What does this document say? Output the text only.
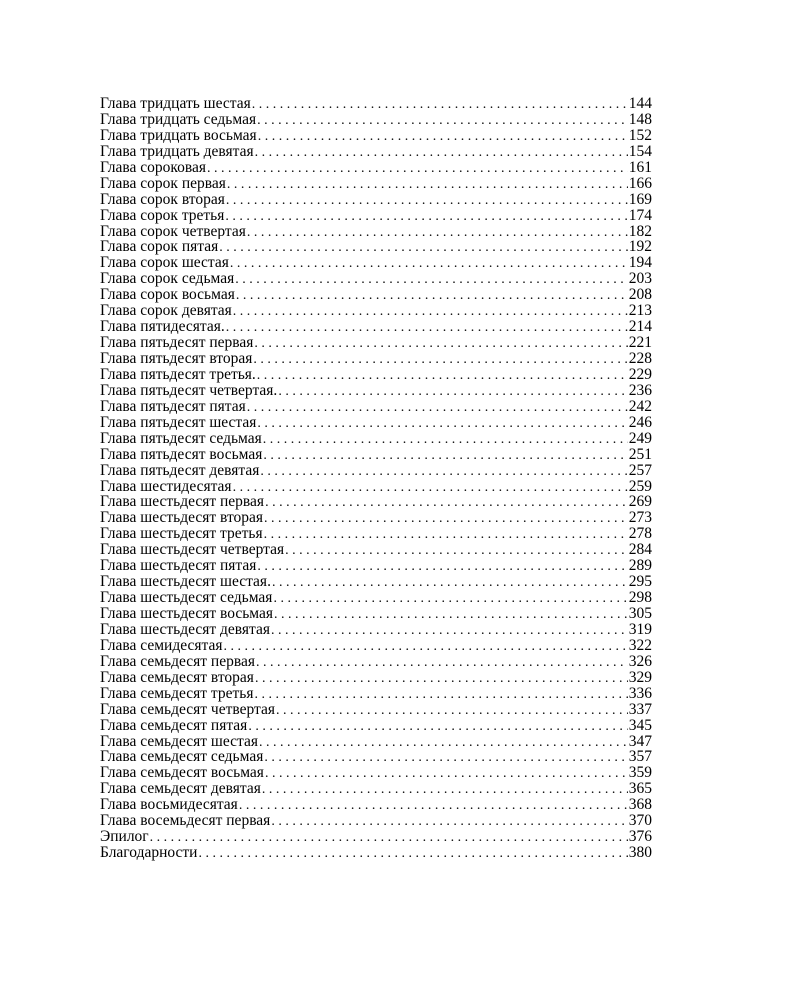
Глава тридцать шестая . . .	144
Глава тридцать седьмая . . .	148
Глава тридцать восьмая . . .	152
Глава тридцать девятая . . .	154
Глава сороковая . . .	161
Глава сорок первая . . .	166
Глава сорок вторая . . .	169
Глава сорок третья . . .	174
Глава сорок четвертая . . .	182
Глава сорок пятая . . .	192
Глава сорок шестая . . .	194
Глава сорок седьмая . . .	203
Глава сорок восьмая . . .	208
Глава сорок девятая . . .	213
Глава пятидесятая. . . .	214
Глава пятьдесят первая . . .	221
Глава пятьдесят вторая . . .	228
Глава пятьдесят третья. . . .	229
Глава пятьдесят четвертая. . . .	236
Глава пятьдесят пятая . . .	242
Глава пятьдесят шестая . . .	246
Глава пятьдесят седьмая . . .	249
Глава пятьдесят восьмая . . .	251
Глава пятьдесят девятая . . .	257
Глава шестидесятая . . .	259
Глава шестьдесят первая . . .	269
Глава шестьдесят вторая . . .	273
Глава шестьдесят третья . . .	278
Глава шестьдесят четвертая . . .	284
Глава шестьдесят пятая . . .	289
Глава шестьдесят шестая. . . .	295
Глава шестьдесят седьмая . . .	298
Глава шестьдесят восьмая . . .	305
Глава шестьдесят девятая . . .	319
Глава семидесятая . . .	322
Глава семьдесят первая . . .	326
Глава семьдесят вторая . . .	329
Глава семьдесят третья . . .	336
Глава семьдесят четвертая . . .	337
Глава семьдесят пятая . . .	345
Глава семьдесят шестая . . .	347
Глава семьдесят седьмая . . .	357
Глава семьдесят восьмая . . .	359
Глава семьдесят девятая . . .	365
Глава восьмидесятая . . .	368
Глава восемьдесят первая . . .	370
Эпилог . . .	376
Благодарности . . .	380
